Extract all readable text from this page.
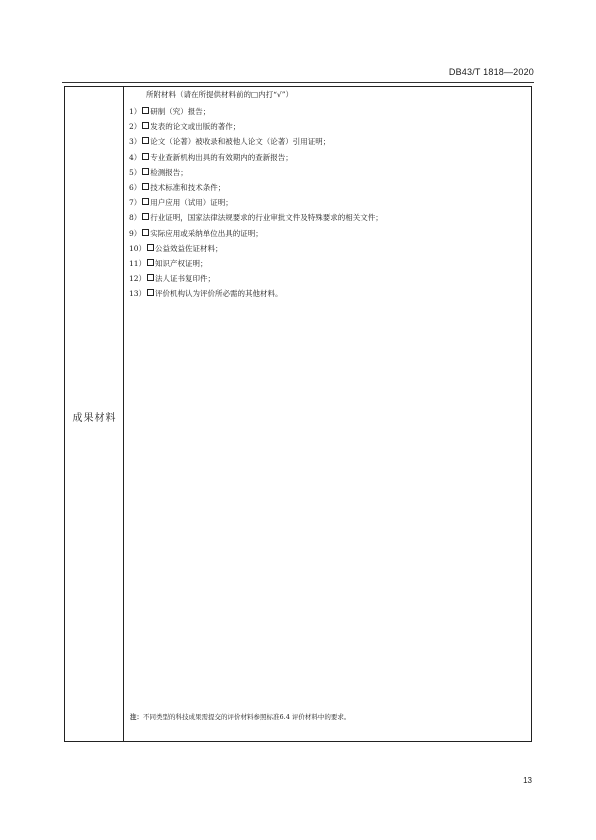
DB43/T 1818—2020
成果材料
所附材料（请在所提供材料前的□内打“√”）
1） 研制（究）报告；
2） 发表的论文或出版的著作；
3） 论文（论著）被收录和被他人论文（论著）引用证明；
4） 专业查新机构出具的有效期内的查新报告；
5） 检测报告；
6） 技术标准和技术条件；
7） 用户应用（试用）证明；
8） 行业证明，国家法律法规要求的行业审批文件及特殊要求的相关文件；
9） 实际应用或采纳单位出具的证明；
10） 公益效益佐证材料；
11） 知识产权证明；
12） 法人证书复印件；
13） 评价机构认为评价所必需的其他材料。
注：不同类型的科技成果需提交的评价材料参照标准6.4 评价材料中的要求。
13
